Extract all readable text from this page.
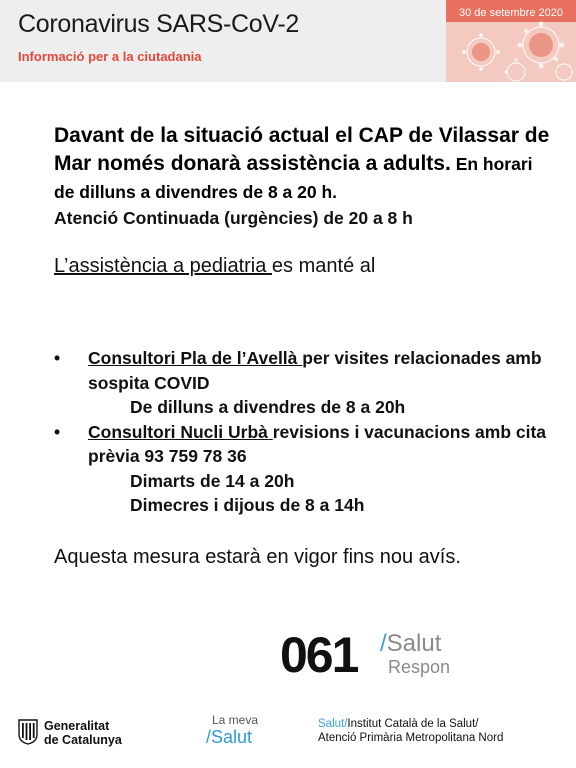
Coronavirus SARS-CoV-2
Informació per a la ciutadania
30 de setembre 2020

Davant de la situació actual el CAP de Vilassar de Mar només donarà assistència a adults. En horari de dilluns a divendres de 8 a 20 h.

Atenció Continuada (urgències) de 20 a 8 h

L’assistència a pediatria es manté al

• Consultori Pla de l’Avellà per visites relacionades amb sospita COVID
De dilluns a divendres de 8 a 20h
• Consultori Nucli Urbà revisions i vacunacions amb cita prèvia 93 759 78 36
Dimarts de 14 a 20h
Dimecres i dijous de 8 a 14h
Aquesta mesura estarà en vigor fins nou avís.
061 /Salut
Respon
Generalitat
de Catalunya
La meva
/Salut
Salut/Institut Català de la Salut/
Atenció Primària Metropolitana Nord
